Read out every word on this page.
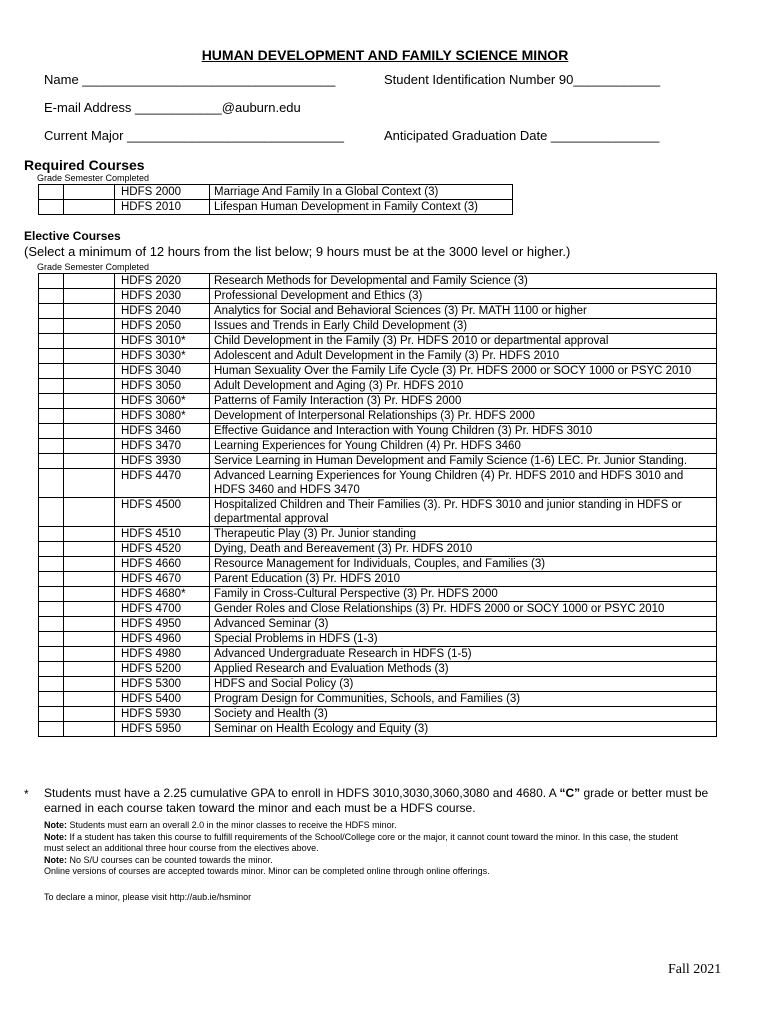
HUMAN DEVELOPMENT AND FAMILY SCIENCE MINOR
Name ___________________________________	Student Identification Number 90____________
E-mail Address ____________@auburn.edu
Current Major ______________________________	Anticipated Graduation Date _______________
Required Courses
Grade Semester Completed
		HDFS 2000	Marriage And Family In a Global Context (3)
		HDFS 2010	Lifespan Human Development in Family Context (3)
Elective Courses
(Select a minimum of 12 hours from the list below; 9 hours must be at the 3000 level or higher.)
Grade Semester Completed
		HDFS 2020	Research Methods for Developmental and Family Science (3)
		HDFS 2030	Professional Development and Ethics (3)
		HDFS 2040	Analytics for Social and Behavioral Sciences (3) Pr. MATH 1100 or higher
		HDFS 2050	Issues and Trends in Early Child Development (3)
		HDFS 3010*	Child Development in the Family (3) Pr. HDFS 2010 or departmental approval
		HDFS 3030*	Adolescent and Adult Development in the Family (3) Pr. HDFS 2010
		HDFS 3040	Human Sexuality Over the Family Life Cycle (3) Pr. HDFS 2000 or SOCY 1000 or PSYC 2010
		HDFS 3050	Adult Development and Aging (3) Pr. HDFS 2010
		HDFS 3060*	Patterns of Family Interaction (3) Pr. HDFS 2000
		HDFS 3080*	Development of Interpersonal Relationships (3) Pr. HDFS 2000
		HDFS 3460	Effective Guidance and Interaction with Young Children (3) Pr. HDFS 3010
		HDFS 3470	Learning Experiences for Young Children (4) Pr. HDFS 3460
		HDFS 3930	Service Learning in Human Development and Family Science (1-6) LEC. Pr. Junior Standing.
		HDFS 4470	Advanced Learning Experiences for Young Children (4) Pr. HDFS 2010 and HDFS 3010 and HDFS 3460 and HDFS 3470
		HDFS 4500	Hospitalized Children and Their Families (3). Pr. HDFS 3010 and junior standing in HDFS or departmental approval
		HDFS 4510	Therapeutic Play (3) Pr. Junior standing
		HDFS 4520	Dying, Death and Bereavement (3) Pr. HDFS 2010
		HDFS 4660	Resource Management for Individuals, Couples, and Families (3)
		HDFS 4670	Parent Education (3) Pr. HDFS 2010
		HDFS 4680*	Family in Cross-Cultural Perspective (3) Pr. HDFS 2000
		HDFS 4700	Gender Roles and Close Relationships (3) Pr. HDFS 2000 or SOCY 1000 or PSYC 2010
		HDFS 4950	Advanced Seminar (3)
		HDFS 4960	Special Problems in HDFS (1-3)
		HDFS 4980	Advanced Undergraduate Research in HDFS (1-5)
		HDFS 5200	Applied Research and Evaluation Methods (3)
		HDFS 5300	HDFS and Social Policy (3)
		HDFS 5400	Program Design for Communities, Schools, and Families (3)
		HDFS 5930	Society and Health (3)
		HDFS 5950	Seminar on Health Ecology and Equity (3)
* Students must have a 2.25 cumulative GPA to enroll in HDFS 3010,3030,3060,3080 and 4680. A “C” grade or better must be earned in each course taken toward the minor and each must be a HDFS course.
Note: Students must earn an overall 2.0 in the minor classes to receive the HDFS minor.
Note: If a student has taken this course to fulfill requirements of the School/College core or the major, it cannot count toward the minor. In this case, the student must select an additional three hour course from the electives above.
Note: No S/U courses can be counted towards the minor.
Online versions of courses are accepted towards minor. Minor can be completed online through online offerings.
To declare a minor, please visit http://aub.ie/hsminor
Fall 2021
